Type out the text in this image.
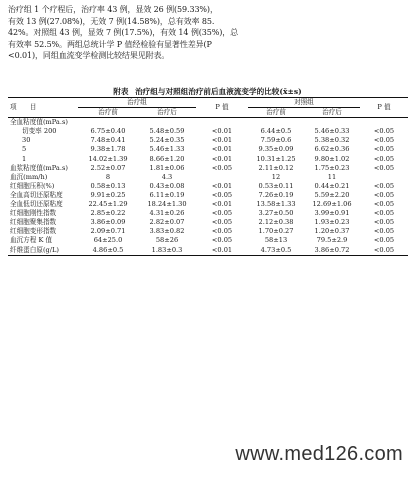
治疗组 1 个疗程后，治疗率 43 例，显效 26 例(59.33%)，
有效 13 例(27.08%)，无效 7 例(14.58%)，总有效率 85.
42%。对照组 43 例，显效 7 例(17.5%)，有效 14 例(35%)，总
有效率 52.5%。两组总统计学 P 值经检验有显著性差异(P
<0.01)，同组血流变学检测比较结果见附表。
附表 治疗组与对照组治疗前后血液流变学的比较(x̄±s)

项　　目	治疗组		P 值	对照组		P 值
	治疗前	治疗后		治疗前	治疗后	
全血粘度值(mPa.s)						
切变率 200	6.75±0.40	5.48±0.59	<0.01	6.44±0.5	5.46±0.33	<0.05
30	7.48±0.41	5.24±0.35	<0.01	7.59±0.6	5.38±0.32	<0.05
5	9.38±1.78	5.46±1.33	<0.01	9.35±0.09	6.62±0.36	<0.05
1	14.02±1.39	8.66±1.20	<0.01	10.31±1.25	9.80±1.02	<0.05
血浆粘度值(mPa.s)	2.52±0.07	1.81±0.06	<0.05	2.11±0.12	1.75±0.23	<0.05
血沉(mm/h)	8	4.3		12	11	
红细胞压积(%)	0.58±0.13	0.43±0.08	<0.01	0.53±0.11	0.44±0.21	<0.05
全血高切还原粘度	9.91±0.25	6.11±0.19	<0.05	7.26±0.19	5.59±2.20	<0.05
全血低切还原粘度	22.45±1.29	18.24±1.30	<0.01	13.58±1.33	12.69±1.06	<0.05
红细胞刚性指数	2.85±0.22	4.31±0.26	<0.05	3.27±0.50	3.99±0.91	<0.05
红细胞聚集指数	3.86±0.09	2.82±0.07	<0.05	2.12±0.38	1.93±0.23	<0.05
红细胞变形指数	2.09±0.71	3.83±0.82	<0.05	1.70±0.27	1.20±0.37	<0.05
血沉方程 K 值	64±25.0	58±26	<0.05	58±13	79.5±2.9	<0.05
纤维蛋白原(g/L)	4.86±0.5	1.83±0.3	<0.01	4.73±0.5	3.86±0.72	<0.05
www.med126.com
